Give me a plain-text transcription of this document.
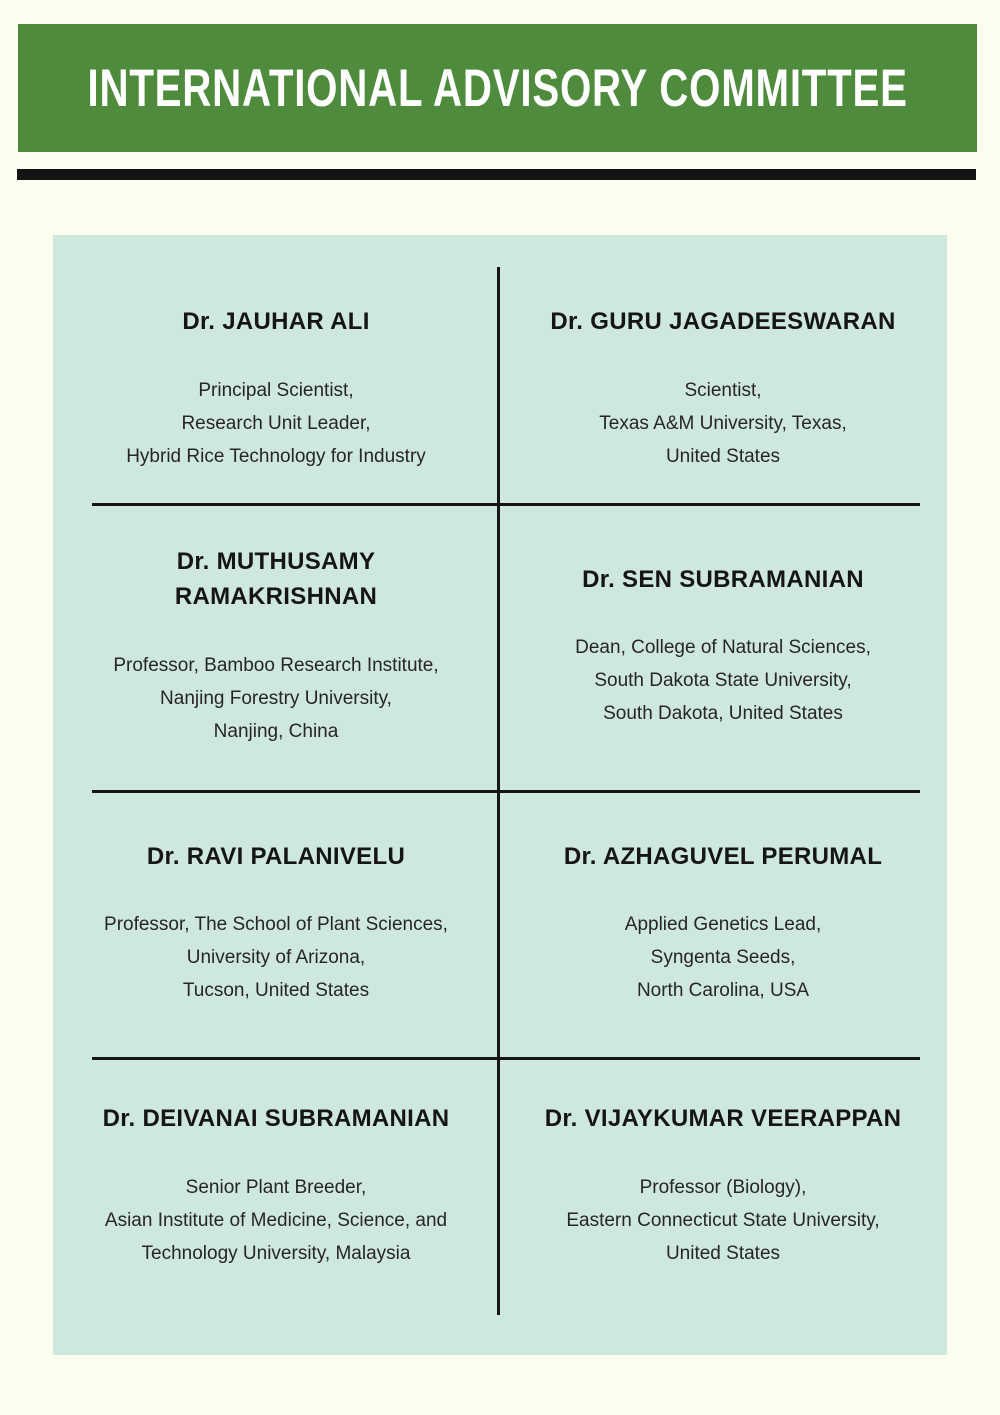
INTERNATIONAL ADVISORY COMMITTEE
Dr. JAUHAR ALI
Principal Scientist,
Research Unit Leader,
Hybrid Rice Technology for Industry
Dr. GURU JAGADEESWARAN
Scientist,
Texas A&M University, Texas,
United States
Dr. MUTHUSAMY RAMAKRISHNAN
Professor, Bamboo Research Institute,
Nanjing Forestry University,
Nanjing, China
Dr. SEN SUBRAMANIAN
Dean, College of Natural Sciences,
South Dakota State University,
South Dakota, United States
Dr. RAVI PALANIVELU
Professor, The School of Plant Sciences,
University of Arizona,
Tucson, United States
Dr. AZHAGUVEL PERUMAL
Applied Genetics Lead,
Syngenta Seeds,
North Carolina, USA
Dr. DEIVANAI SUBRAMANIAN
Senior Plant Breeder,
Asian Institute of Medicine, Science, and
Technology University, Malaysia
Dr. VIJAYKUMAR VEERAPPAN
Professor (Biology),
Eastern Connecticut State University,
United States
